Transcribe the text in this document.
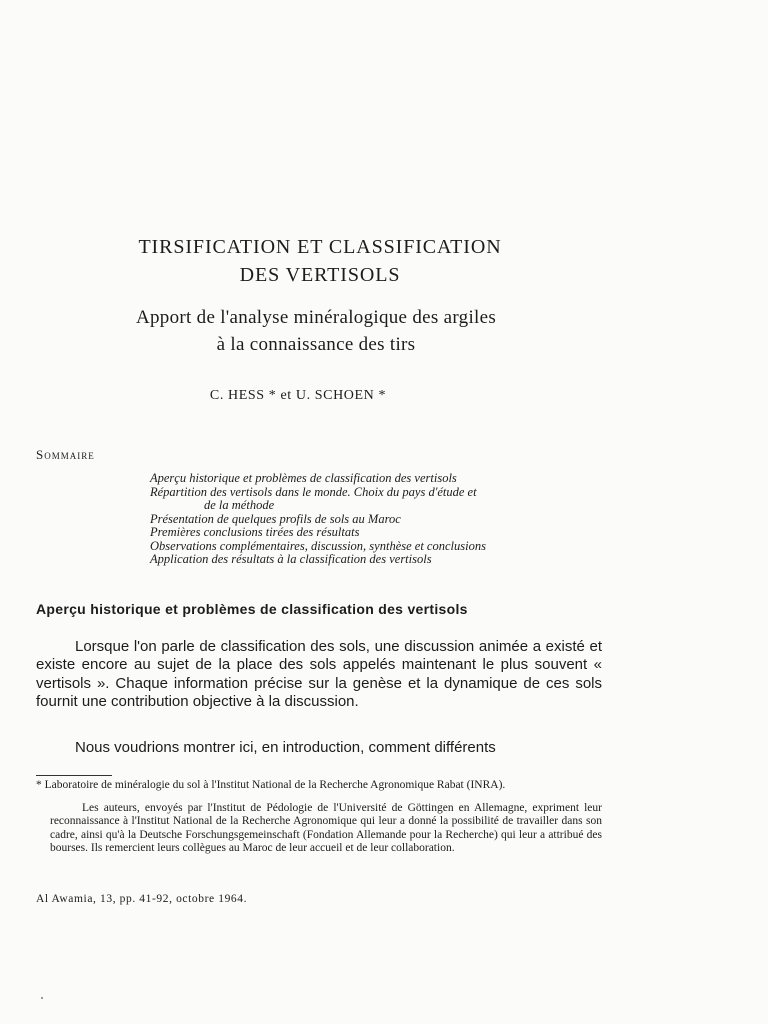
TIRSIFICATION ET CLASSIFICATION
DES VERTISOLS
Apport de l'analyse minéralogique des argiles
à la connaissance des tirs
C. HESS * et U. SCHOEN *
Sommaire
Aperçu historique et problèmes de classification des vertisols
Répartition des vertisols dans le monde. Choix du pays d'étude et
de la méthode
Présentation de quelques profils de sols au Maroc
Premières conclusions tirées des résultats
Observations complémentaires, discussion, synthèse et conclusions
Application des résultats à la classification des vertisols
Aperçu historique et problèmes de classification des vertisols

Lorsque l'on parle de classification des sols, une discussion animée a existé et existe encore au sujet de la place des sols appelés maintenant le plus souvent « vertisols ». Chaque information précise sur la genèse et la dynamique de ces sols fournit une contribution objective à la discussion.

Nous voudrions montrer ici, en introduction, comment différents

* Laboratoire de minéralogie du sol à l'Institut National de la Recherche Agronomique Rabat (INRA).

Les auteurs, envoyés par l'Institut de Pédologie de l'Université de Göttingen en Allemagne, expriment leur reconnaissance à l'Institut National de la Recherche Agronomique qui leur a donné la possibilité de travailler dans son cadre, ainsi qu'à la Deutsche Forschungsgemeinschaft (Fondation Allemande pour la Recherche) qui leur a attribué des bourses. Ils remercient leurs collègues au Maroc de leur accueil et de leur collaboration.

Al Awamia, 13, pp. 41-92, octobre 1964.
